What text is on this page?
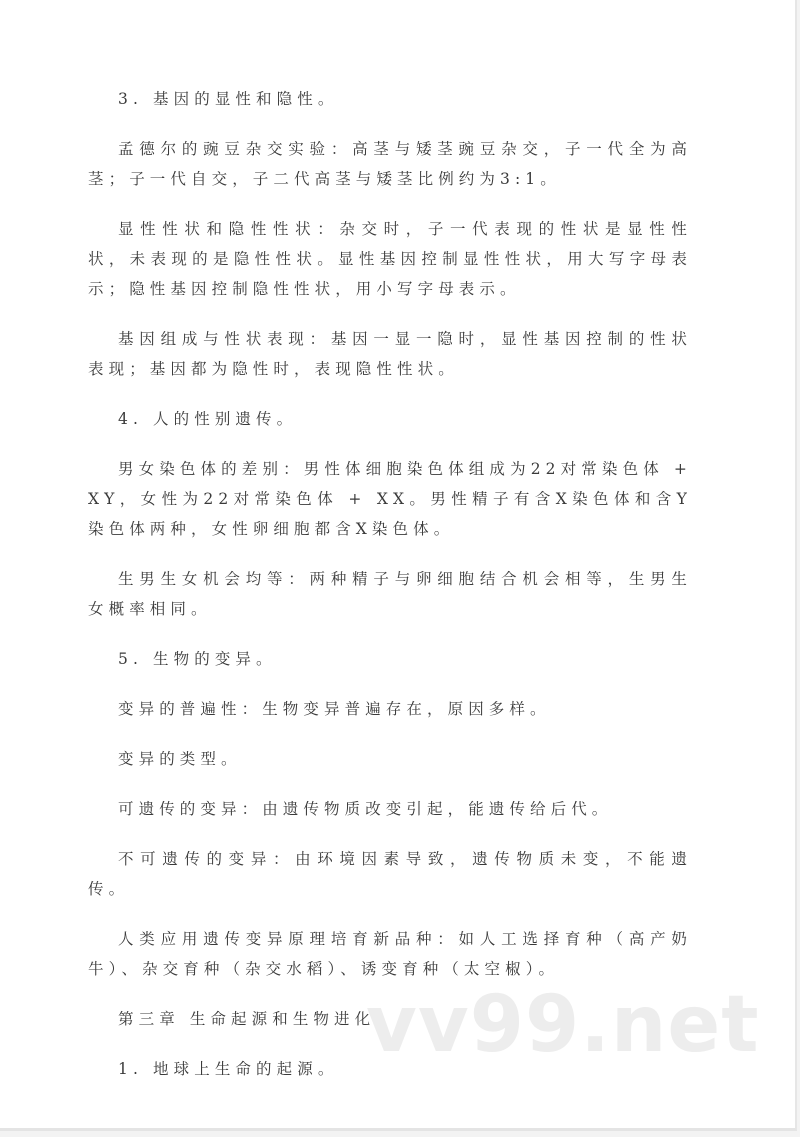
3. 基因的显性和隐性。

孟德尔的豌豆杂交实验：高茎与矮茎豌豆杂交，子一代全为高茎；子一代自交，子二代高茎与矮茎比例约为3:1。

显性性状和隐性性状：杂交时，子一代表现的性状是显性性状，未表现的是隐性性状。显性基因控制显性性状，用大写字母表示；隐性基因控制隐性性状，用小写字母表示。

基因组成与性状表现：基因一显一隐时，显性基因控制的性状表现；基因都为隐性时，表现隐性性状。

4. 人的性别遗传。

男女染色体的差别：男性体细胞染色体组成为22对常染色体 + XY，女性为22对常染色体 + XX。男性精子有含X染色体和含Y染色体两种，女性卵细胞都含X染色体。

生男生女机会均等：两种精子与卵细胞结合机会相等，生男生女概率相同。

5. 生物的变异。

变异的普遍性：生物变异普遍存在，原因多样。

变异的类型。

可遗传的变异：由遗传物质改变引起，能遗传给后代。

不可遗传的变异：由环境因素导致，遗传物质未变，不能遗传。

人类应用遗传变异原理培育新品种：如人工选择育种（高产奶牛）、杂交育种（杂交水稻）、诱变育种（太空椒）。

第三章 生命起源和生物进化。

1. 地球上生命的起源。 vv99.net
